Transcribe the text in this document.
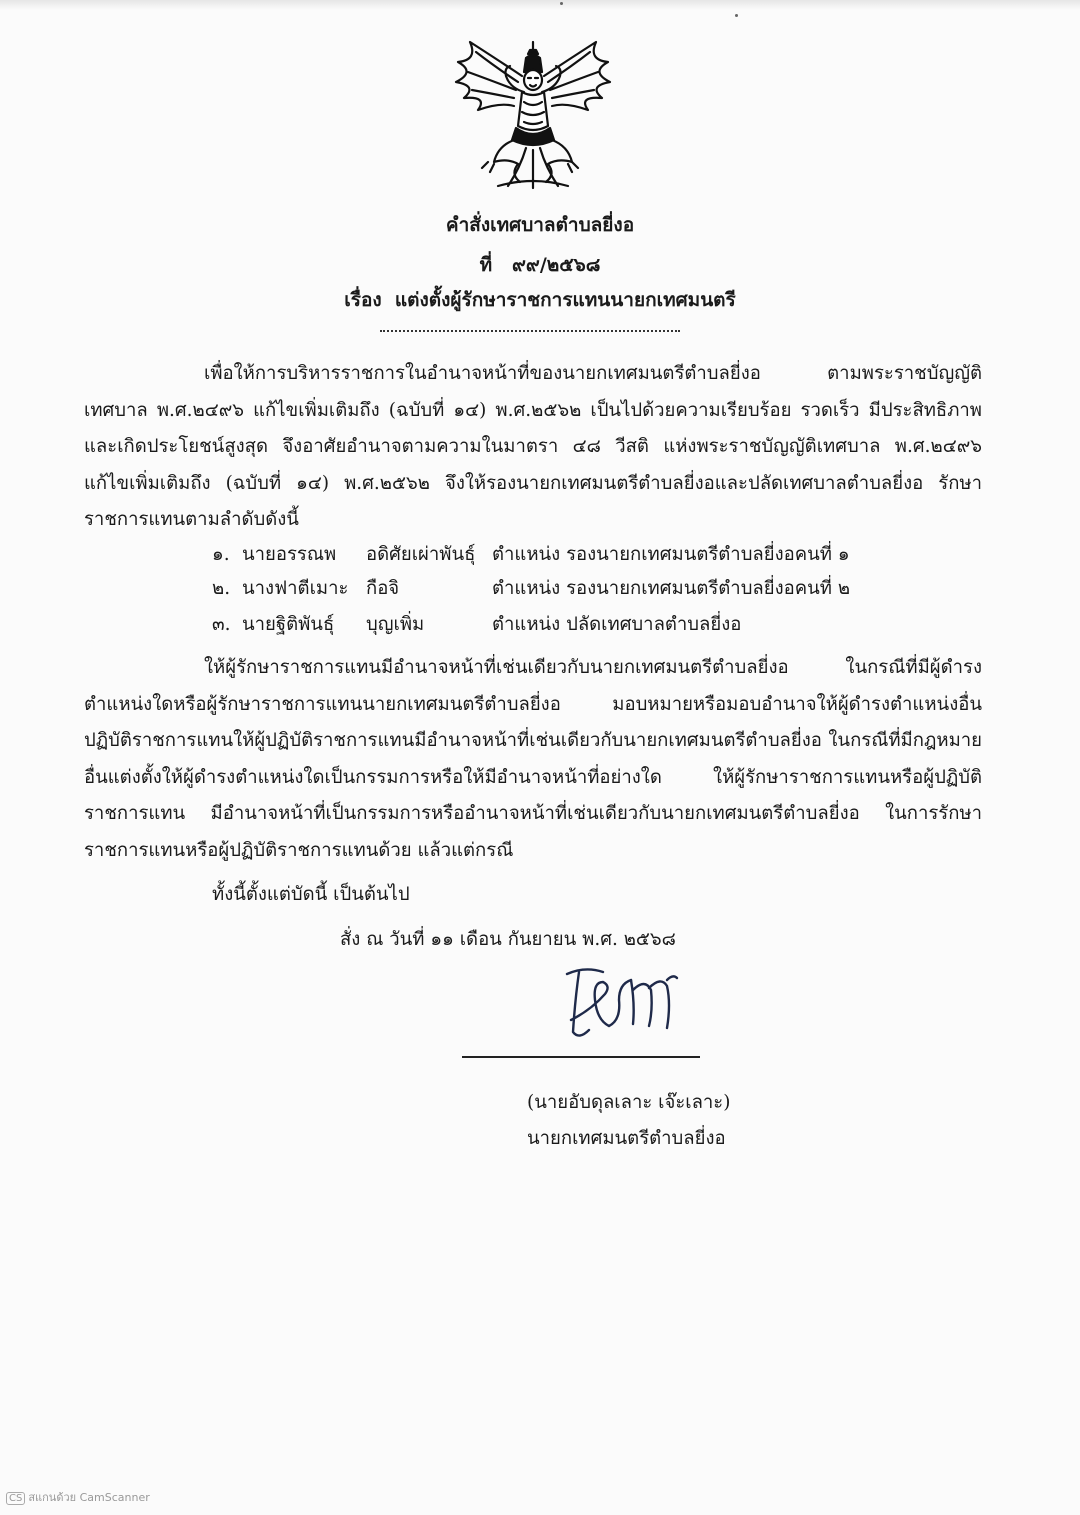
คำสั่งเทศบาลตำบลยี่งอ
ที่ ๙๙/๒๕๖๘
เรื่อง แต่งตั้งผู้รักษาราชการแทนนายกเทศมนตรี

เพื่อให้การบริหารราชการในอำนาจหน้าที่ของนายกเทศมนตรีตำบลยี่งอ ตามพระราชบัญญัติเทศบาล พ.ศ.๒๔๙๖ แก้ไขเพิ่มเติมถึง (ฉบับที่ ๑๔) พ.ศ.๒๕๖๒ เป็นไปด้วยความเรียบร้อย รวดเร็ว มีประสิทธิภาพและเกิดประโยชน์สูงสุด จึงอาศัยอำนาจตามความในมาตรา ๔๘ วีสติ แห่งพระราชบัญญัติเทศบาล พ.ศ.๒๔๙๖ แก้ไขเพิ่มเติมถึง (ฉบับที่ ๑๔) พ.ศ.๒๕๖๒ จึงให้รองนายกเทศมนตรีตำบลยี่งอและปลัดเทศบาลตำบลยี่งอ รักษาราชการแทนตามลำดับดังนี้

๑. นายอรรณพ อดิศัยเผ่าพันธุ์ ตำแหน่ง รองนายกเทศมนตรีตำบลยี่งอคนที่ ๑
๒. นางฟาตีเมาะ กือจิ	ตำแหน่ง รองนายกเทศมนตรีตำบลยี่งอคนที่ ๒
๓. นายฐิติพันธุ์ บุญเพิ่ม	ตำแหน่ง ปลัดเทศบาลตำบลยี่งอ

ให้ผู้รักษาราชการแทนมีอำนาจหน้าที่เช่นเดียวกับนายกเทศมนตรีตำบลยี่งอ ในกรณีที่มีผู้ดำรงตำแหน่งใดหรือผู้รักษาราชการแทนนายกเทศมนตรีตำบลยี่งอ มอบหมายหรือมอบอำนาจให้ผู้ดำรงตำแหน่งอื่นปฏิบัติราชการแทนให้ผู้ปฏิบัติราชการแทนมีอำนาจหน้าที่เช่นเดียวกับนายกเทศมนตรีตำบลยี่งอ ในกรณีที่มีกฎหมายอื่นแต่งตั้งให้ผู้ดำรงตำแหน่งใดเป็นกรรมการหรือให้มีอำนาจหน้าที่อย่างใด ให้ผู้รักษาราชการแทนหรือผู้ปฏิบัติราชการแทน มีอำนาจหน้าที่เป็นกรรมการหรืออำนาจหน้าที่เช่นเดียวกับนายกเทศมนตรีตำบลยี่งอ ในการรักษาราชการแทนหรือผู้ปฏิบัติราชการแทนด้วย แล้วแต่กรณี

ทั้งนี้ตั้งแต่บัดนี้ เป็นต้นไป
สั่ง ณ วันที่ ๑๑ เดือน กันยายน พ.ศ. ๒๕๖๘
(นายอับดุลเลาะ เจ๊ะเลาะ)
นายกเทศมนตรีตำบลยี่งอ
CS สแกนด้วย CamScanner
